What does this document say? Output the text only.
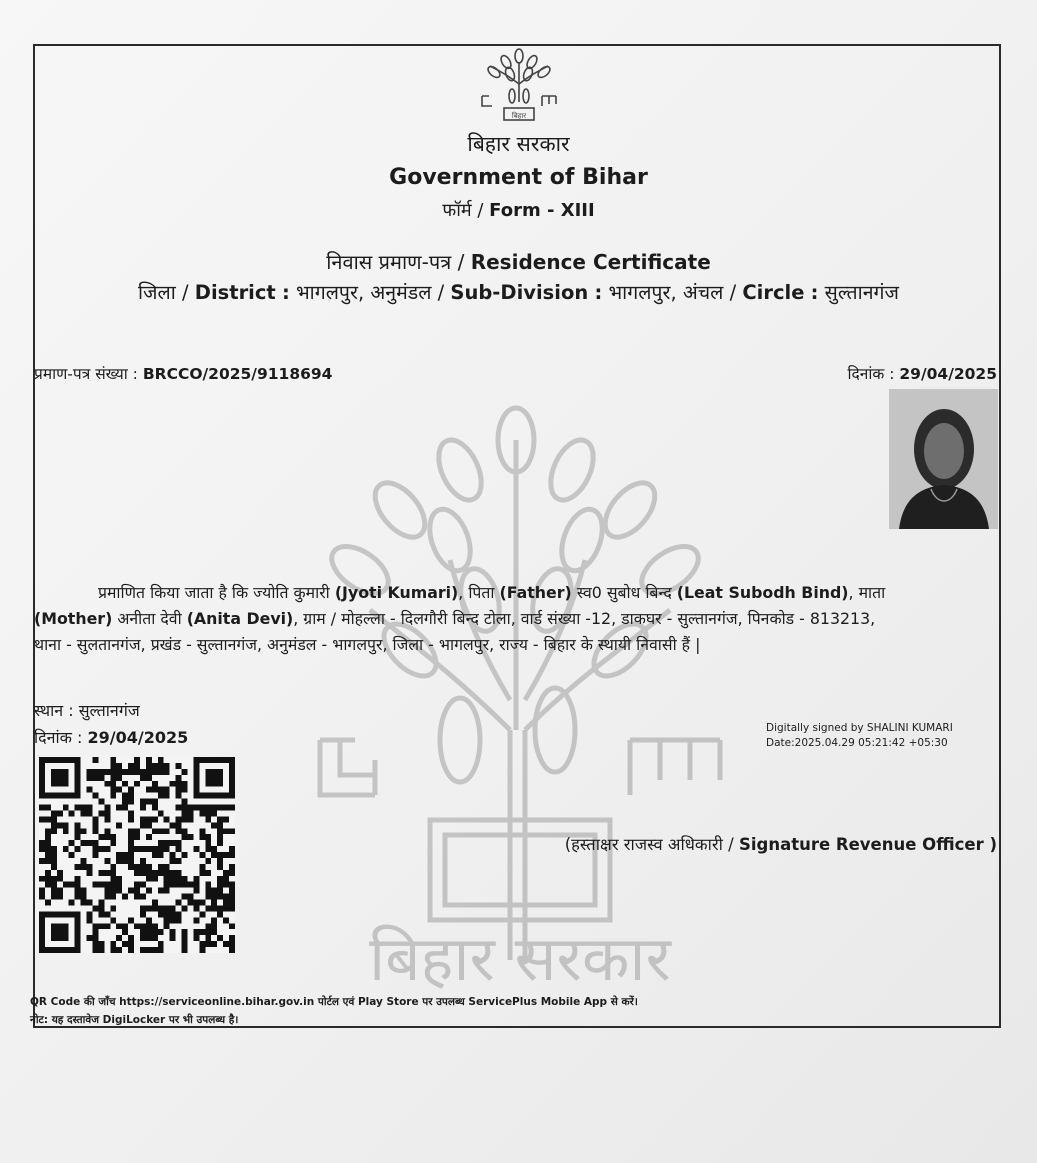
बिहार सरकार
बिहार
बिहार सरकार
Government of Bihar
फॉर्म / Form - XIII
निवास प्रमाण-पत्र / Residence Certificate
जिला / District : भागलपुर, अनुमंडल / Sub-Division : भागलपुर, अंचल / Circle : सुल्तानगंज
प्रमाण-पत्र संख्या : BRCCO/2025/9118694	दिनांक : 29/04/2025

प्रमाणित किया जाता है कि ज्योति कुमारी (Jyoti Kumari), पिता (Father) स्व0 सुबोध बिन्द (Leat Subodh Bind), माता

(Mother) अनीता देवी (Anita Devi), ग्राम / मोहल्ला - दिलगौरी बिन्द टोला, वार्ड संख्या -12, डाकघर - सुल्तानगंज, पिनकोड - 813213,

थाना - सुलतानगंज, प्रखंड - सुल्तानगंज, अनुमंडल - भागलपुर, जिला - भागलपुर, राज्य - बिहार के स्थायी निवासी हैं |

स्थान : सुल्तानगंज
दिनांक : 29/04/2025	Digitally signed by SHALINI KUMARI
Date:2025.04.29 05:21:42 +05:30
(हस्ताक्षर राजस्व अधिकारी / Signature Revenue Officer )
QR Code की जाँच https://serviceonline.bihar.gov.in पोर्टल एवं Play Store पर उपलब्ध ServicePlus Mobile App से करें।
नोट: यह दस्तावेज DigiLocker पर भी उपलब्ध है।
